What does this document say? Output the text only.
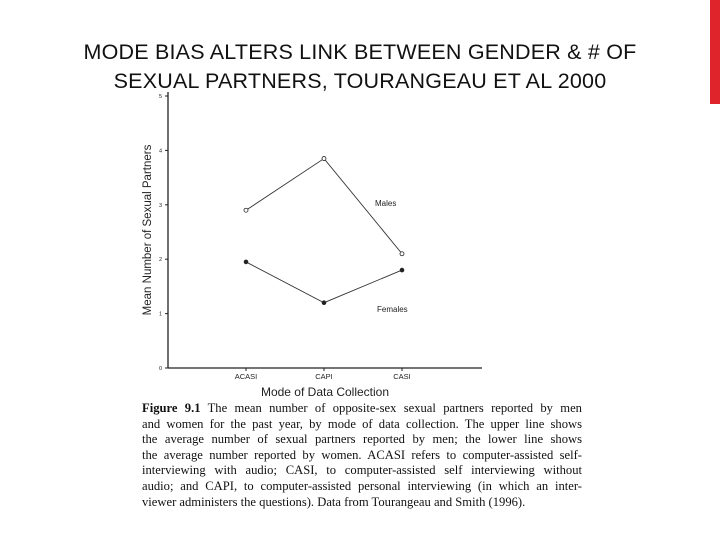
MODE BIAS ALTERS LINK BETWEEN GENDER & # OF
SEXUAL PARTNERS, TOURANGEAU ET AL 2000
0
1
2
3
4
5
ACASI	CAPI	CASI
Males
Females
Mean Number of Sexual Partners
Mode of Data Collection
Figure 9.1 The mean number of opposite-sex sexual partners reported by men
and women for the past year, by mode of data collection. The upper line shows
the average number of sexual partners reported by men; the lower line shows
the average number reported by women. ACASI refers to computer-assisted self-
interviewing with audio; CASI, to computer-assisted self interviewing without
audio; and CAPI, to computer-assisted personal interviewing (in which an inter-
viewer administers the questions). Data from Tourangeau and Smith (1996).
